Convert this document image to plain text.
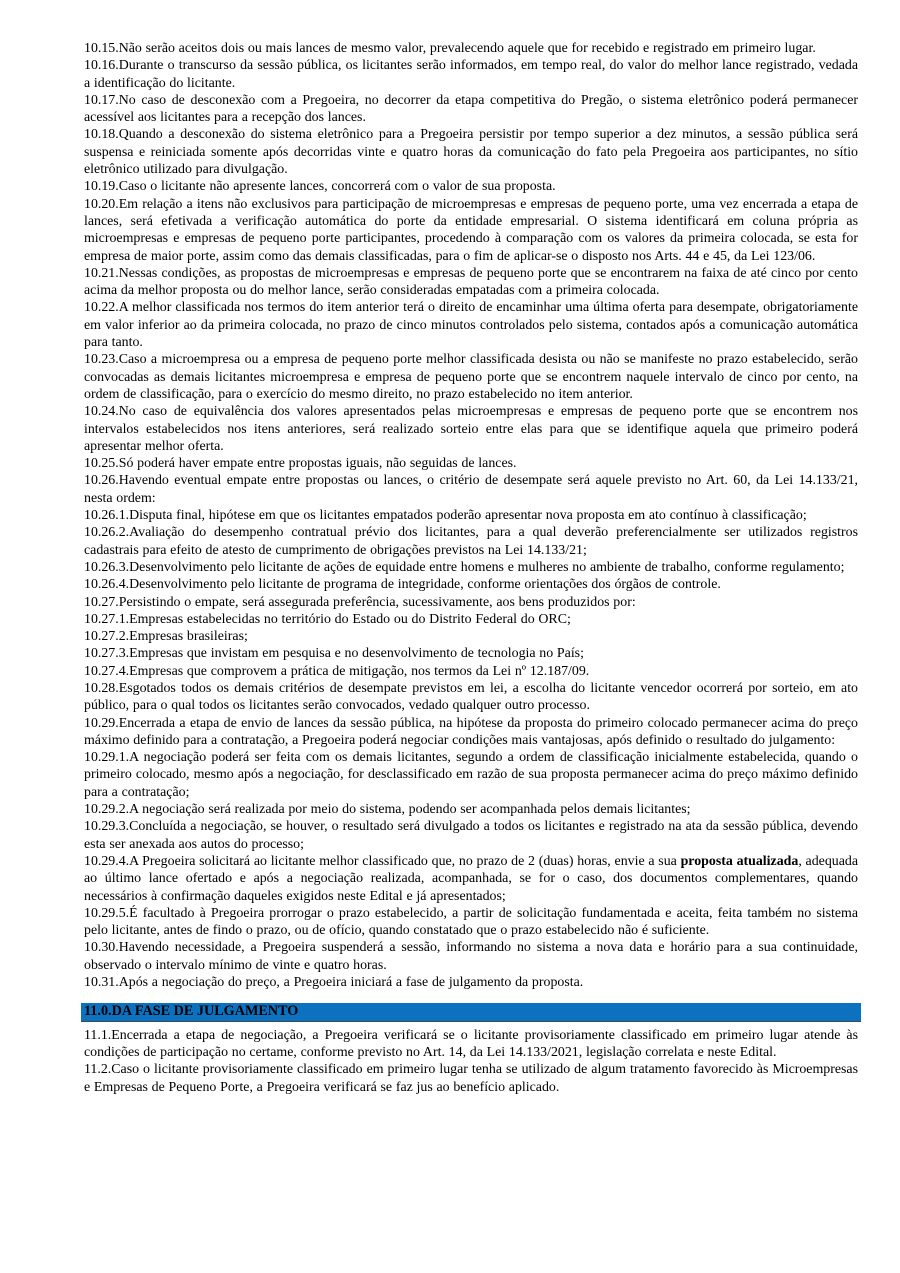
10.15.Não serão aceitos dois ou mais lances de mesmo valor, prevalecendo aquele que for recebido e registrado em primeiro lugar.

10.16.Durante o transcurso da sessão pública, os licitantes serão informados, em tempo real, do valor do melhor lance registrado, vedada a identificação do licitante.

10.17.No caso de desconexão com a Pregoeira, no decorrer da etapa competitiva do Pregão, o sistema eletrônico poderá permanecer acessível aos licitantes para a recepção dos lances.

10.18.Quando a desconexão do sistema eletrônico para a Pregoeira persistir por tempo superior a dez minutos, a sessão pública será suspensa e reiniciada somente após decorridas vinte e quatro horas da comunicação do fato pela Pregoeira aos participantes, no sítio eletrônico utilizado para divulgação.

10.19.Caso o licitante não apresente lances, concorrerá com o valor de sua proposta.

10.20.Em relação a itens não exclusivos para participação de microempresas e empresas de pequeno porte, uma vez encerrada a etapa de lances, será efetivada a verificação automática do porte da entidade empresarial. O sistema identificará em coluna própria as microempresas e empresas de pequeno porte participantes, procedendo à comparação com os valores da primeira colocada, se esta for empresa de maior porte, assim como das demais classificadas, para o fim de aplicar-se o disposto nos Arts. 44 e 45, da Lei 123/06.

10.21.Nessas condições, as propostas de microempresas e empresas de pequeno porte que se encontrarem na faixa de até cinco por cento acima da melhor proposta ou do melhor lance, serão consideradas empatadas com a primeira colocada.

10.22.A melhor classificada nos termos do item anterior terá o direito de encaminhar uma última oferta para desempate, obrigatoriamente em valor inferior ao da primeira colocada, no prazo de cinco minutos controlados pelo sistema, contados após a comunicação automática para tanto.

10.23.Caso a microempresa ou a empresa de pequeno porte melhor classificada desista ou não se manifeste no prazo estabelecido, serão convocadas as demais licitantes microempresa e empresa de pequeno porte que se encontrem naquele intervalo de cinco por cento, na ordem de classificação, para o exercício do mesmo direito, no prazo estabelecido no item anterior.

10.24.No caso de equivalência dos valores apresentados pelas microempresas e empresas de pequeno porte que se encontrem nos intervalos estabelecidos nos itens anteriores, será realizado sorteio entre elas para que se identifique aquela que primeiro poderá apresentar melhor oferta.

10.25.Só poderá haver empate entre propostas iguais, não seguidas de lances.

10.26.Havendo eventual empate entre propostas ou lances, o critério de desempate será aquele previsto no Art. 60, da Lei 14.133/21, nesta ordem:

10.26.1.Disputa final, hipótese em que os licitantes empatados poderão apresentar nova proposta em ato contínuo à classificação;

10.26.2.Avaliação do desempenho contratual prévio dos licitantes, para a qual deverão preferencialmente ser utilizados registros cadastrais para efeito de atesto de cumprimento de obrigações previstos na Lei 14.133/21;

10.26.3.Desenvolvimento pelo licitante de ações de equidade entre homens e mulheres no ambiente de trabalho, conforme regulamento;

10.26.4.Desenvolvimento pelo licitante de programa de integridade, conforme orientações dos órgãos de controle.

10.27.Persistindo o empate, será assegurada preferência, sucessivamente, aos bens produzidos por:

10.27.1.Empresas estabelecidas no território do Estado ou do Distrito Federal do ORC;

10.27.2.Empresas brasileiras;

10.27.3.Empresas que invistam em pesquisa e no desenvolvimento de tecnologia no País;

10.27.4.Empresas que comprovem a prática de mitigação, nos termos da Lei nº 12.187/09.

10.28.Esgotados todos os demais critérios de desempate previstos em lei, a escolha do licitante vencedor ocorrerá por sorteio, em ato público, para o qual todos os licitantes serão convocados, vedado qualquer outro processo.

10.29.Encerrada a etapa de envio de lances da sessão pública, na hipótese da proposta do primeiro colocado permanecer acima do preço máximo definido para a contratação, a Pregoeira poderá negociar condições mais vantajosas, após definido o resultado do julgamento:

10.29.1.A negociação poderá ser feita com os demais licitantes, segundo a ordem de classificação inicialmente estabelecida, quando o primeiro colocado, mesmo após a negociação, for desclassificado em razão de sua proposta permanecer acima do preço máximo definido para a contratação;

10.29.2.A negociação será realizada por meio do sistema, podendo ser acompanhada pelos demais licitantes;

10.29.3.Concluída a negociação, se houver, o resultado será divulgado a todos os licitantes e registrado na ata da sessão pública, devendo esta ser anexada aos autos do processo;

10.29.4.A Pregoeira solicitará ao licitante melhor classificado que, no prazo de 2 (duas) horas, envie a sua proposta atualizada, adequada ao último lance ofertado e após a negociação realizada, acompanhada, se for o caso, dos documentos complementares, quando necessários à confirmação daqueles exigidos neste Edital e já apresentados;

10.29.5.É facultado à Pregoeira prorrogar o prazo estabelecido, a partir de solicitação fundamentada e aceita, feita também no sistema pelo licitante, antes de findo o prazo, ou de ofício, quando constatado que o prazo estabelecido não é suficiente.

10.30.Havendo necessidade, a Pregoeira suspenderá a sessão, informando no sistema a nova data e horário para a sua continuidade, observado o intervalo mínimo de vinte e quatro horas.

10.31.Após a negociação do preço, a Pregoeira iniciará a fase de julgamento da proposta.

11.0.DA FASE DE JULGAMENTO

11.1.Encerrada a etapa de negociação, a Pregoeira verificará se o licitante provisoriamente classificado em primeiro lugar atende às condições de participação no certame, conforme previsto no Art. 14, da Lei 14.133/2021, legislação correlata e neste Edital.

11.2.Caso o licitante provisoriamente classificado em primeiro lugar tenha se utilizado de algum tratamento favorecido às Microempresas e Empresas de Pequeno Porte, a Pregoeira verificará se faz jus ao benefício aplicado.
